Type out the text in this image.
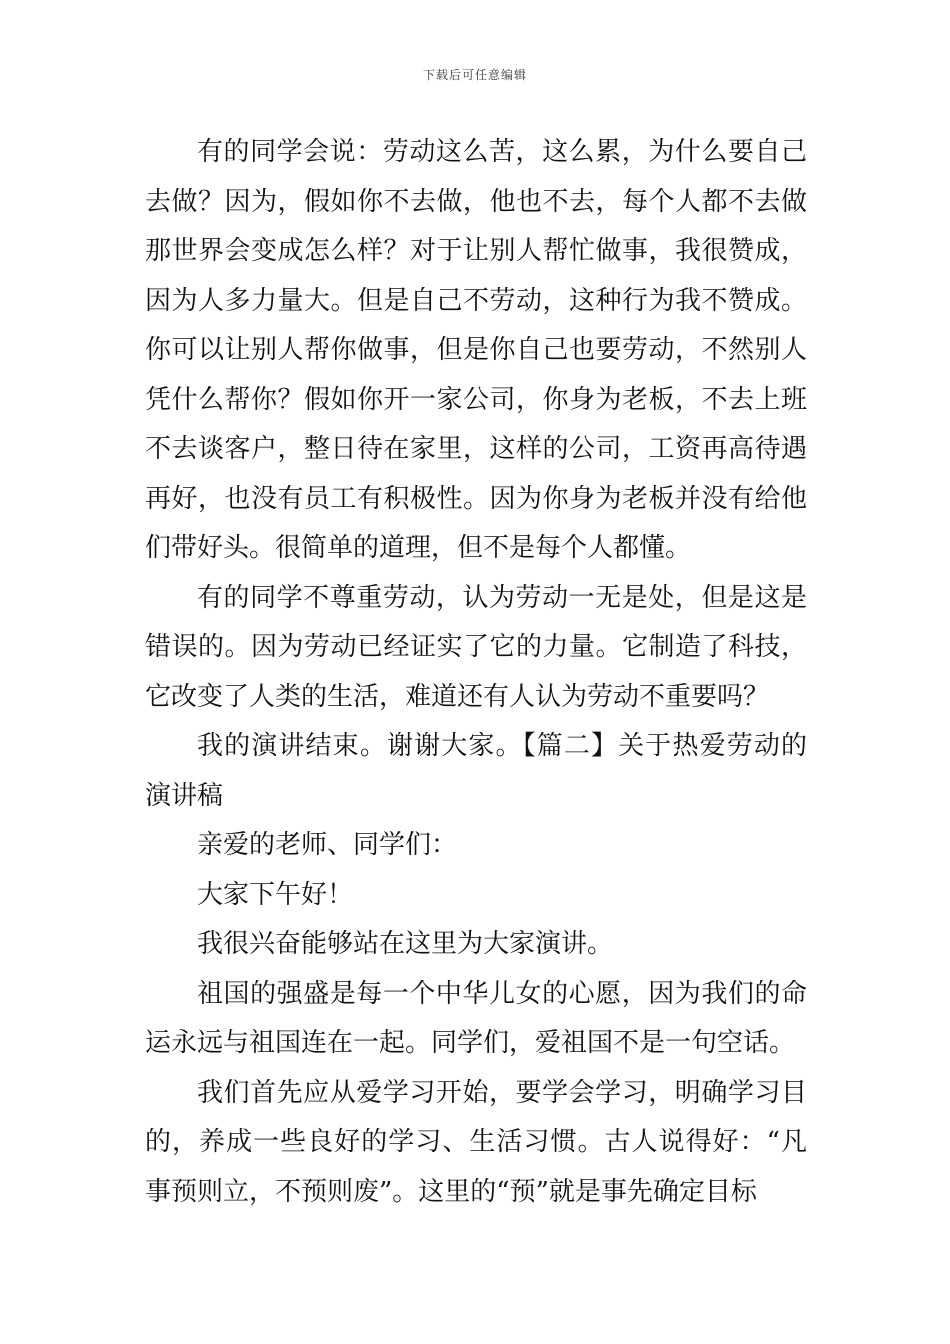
下载后可任意编辑

有的同学会说：劳动这么苦，这么累，为什么要自己去做？因为，假如你不去做，他也不去，每个人都不去做那世界会变成怎么样？对于让别人帮忙做事，我很赞成，因为人多力量大。但是自己不劳动，这种行为我不赞成。你可以让别人帮你做事，但是你自己也要劳动，不然别人凭什么帮你？假如你开一家公司，你身为老板，不去上班不去谈客户，整日待在家里，这样的公司，工资再高待遇再好，也没有员工有积极性。因为你身为老板并没有给他们带好头。很简单的道理，但不是每个人都懂。

有的同学不尊重劳动，认为劳动一无是处，但是这是错误的。因为劳动已经证实了它的力量。它制造了科技，它改变了人类的生活，难道还有人认为劳动不重要吗？

我的演讲结束。谢谢大家。【篇二】关于热爱劳动的演讲稿

亲爱的老师、同学们：

大家下午好！

我很兴奋能够站在这里为大家演讲。

祖国的强盛是每一个中华儿女的心愿，因为我们的命运永远与祖国连在一起。同学们，爱祖国不是一句空话。

我们首先应从爱学习开始，要学会学习，明确学习目的，养成一些良好的学习、生活习惯。古人说得好：“凡事预则立，不预则废”。这里的“预”就是事先确定目标
